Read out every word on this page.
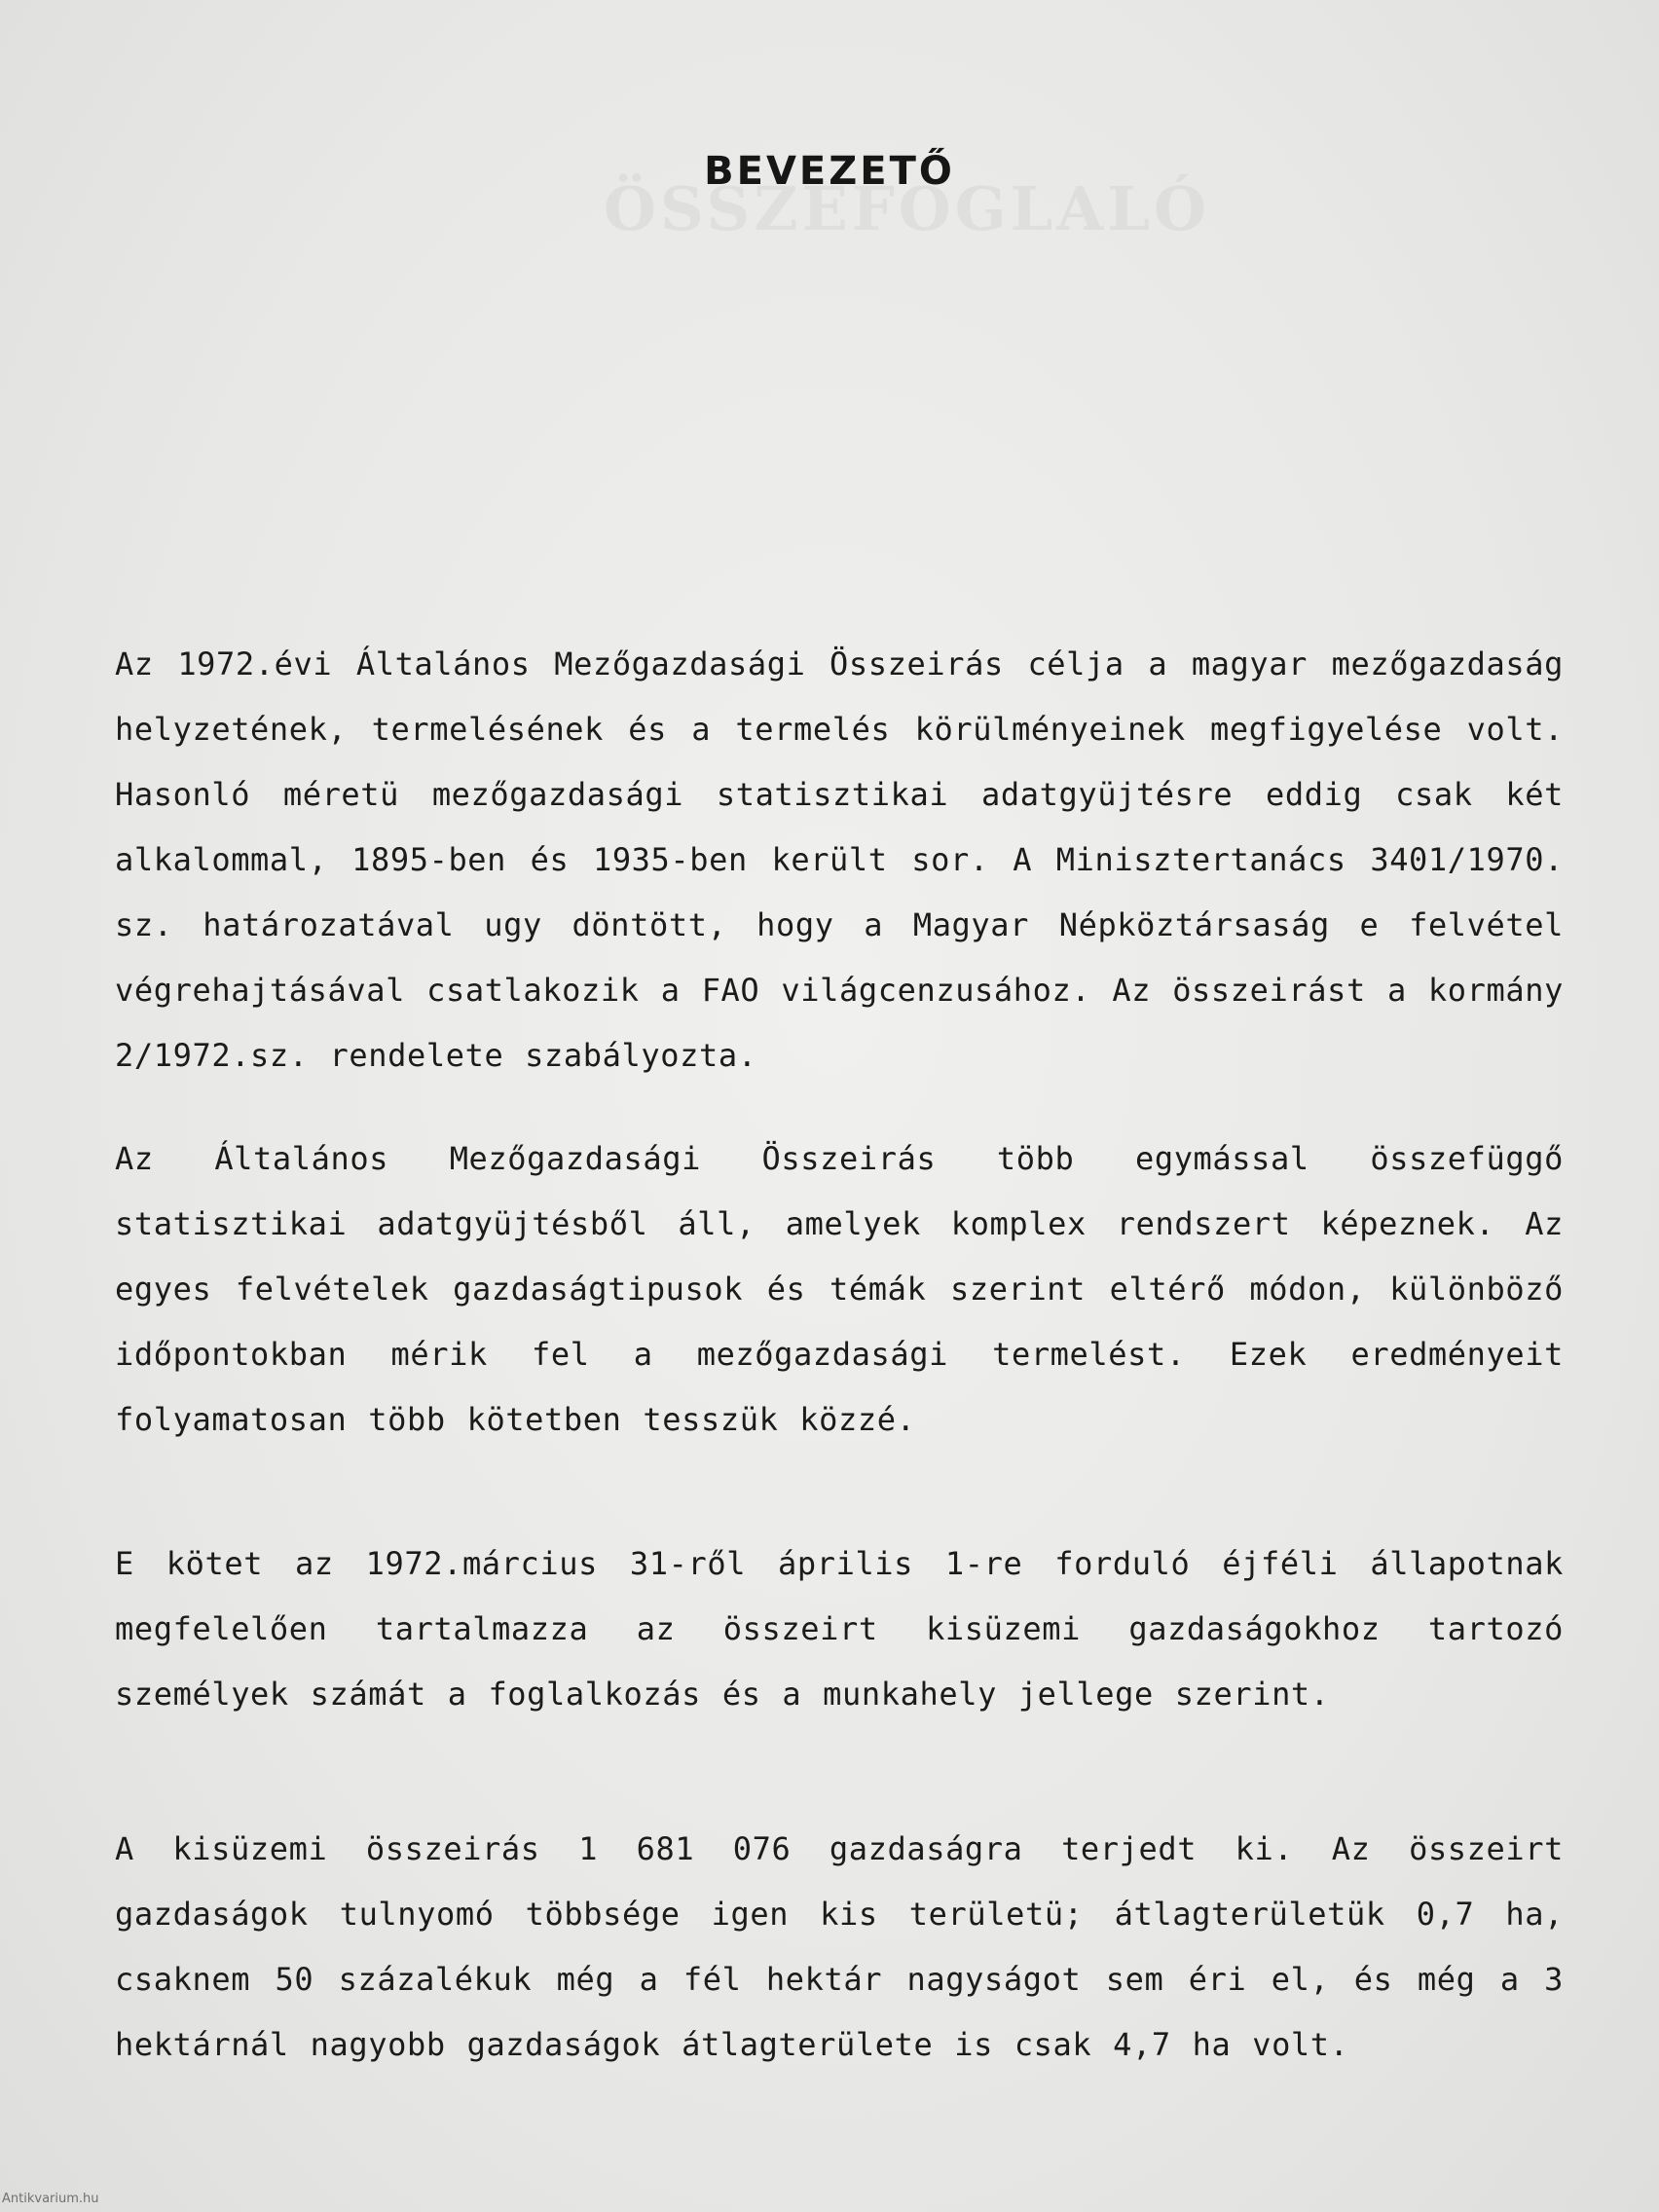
BEVEZETŐ

Az 1972.évi Általános Mezőgazdasági Összeirás célja a magyar mezőgazdaság helyzetének, termelésének és a termelés körülményeinek megfigyelése volt. Hasonló méretü mezőgazdasági statisztikai adatgyüjtésre eddig csak két alkalommal, 1895-ben és 1935-ben került sor. A Minisztertanács 3401/1970. sz. határozatával ugy döntött, hogy a Magyar Népköztársaság e felvétel végrehajtásával csatlakozik a FAO világcenzusához. Az összeirást a kormány 2/1972.sz. rendelete szabályozta.

Az Általános Mezőgazdasági Összeirás több egymással összefüggő statisztikai adatgyüjtésből áll, amelyek komplex rendszert képeznek. Az egyes felvételek gazdaságtipusok és témák szerint eltérő módon, különböző időpontokban mérik fel a mezőgazdasági termelést. Ezek eredményeit folyamatosan több kötetben tesszük közzé.

E kötet az 1972.március 31-ről április 1-re forduló éjféli állapotnak megfelelően tartalmazza az összeirt kisüzemi gazdaságokhoz tartozó személyek számát a foglalkozás és a munkahely jellege szerint.

A kisüzemi összeirás 1 681 076 gazdaságra terjedt ki. Az összeirt gazdaságok tulnyomó többsége igen kis területü; átlagterületük 0,7 ha, csaknem 50 százalékuk még a fél hektár nagyságot sem éri el, és még a 3 hektárnál nagyobb gazdaságok átlagterülete is csak 4,7 ha volt.

Antikvarium.hu
